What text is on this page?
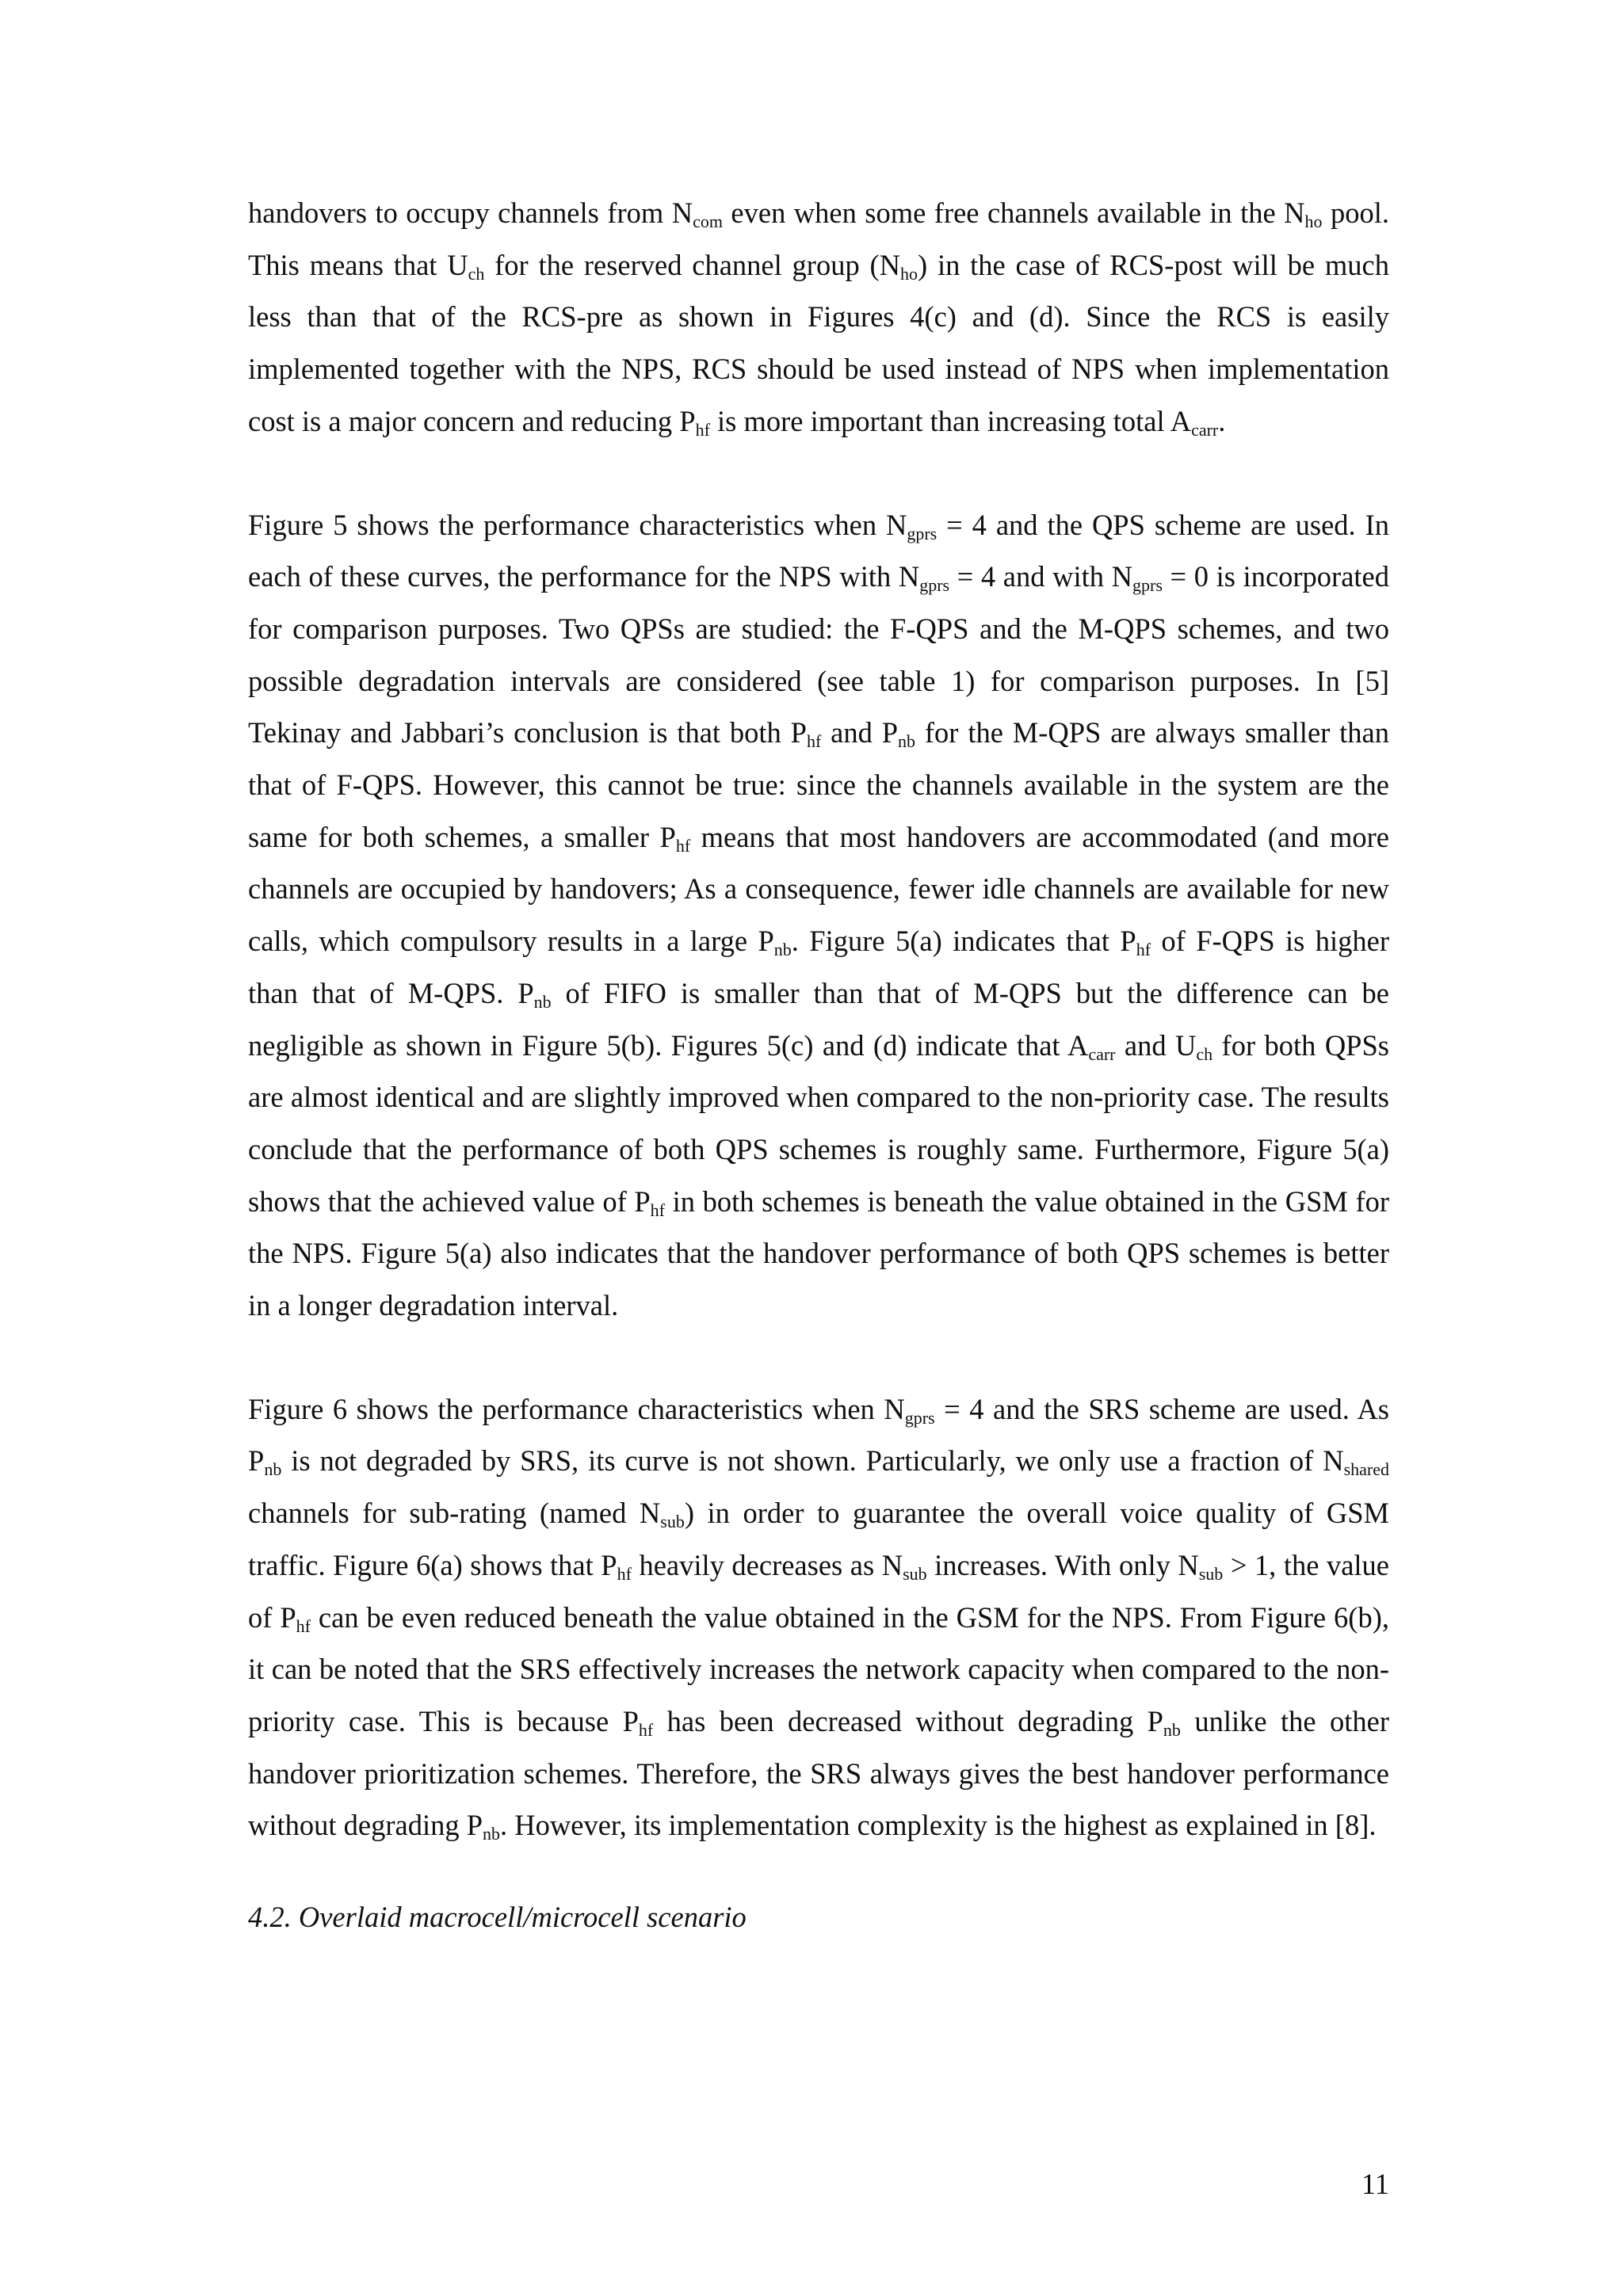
handovers to occupy channels from $N_{com}$ even when some free channels available in the $N_{ho}$ pool. This means that $U_{ch}$ for the reserved channel group $(N_{ho})$ in the case of RCS-post will be much less than that of the RCS-pre as shown in Figures 4(c) and (d). Since the RCS is easily implemented together with the NPS, RCS should be used instead of NPS when implementation cost is a major concern and reducing $P_{hf}$ is more important than increasing total $A_{carr}$.

Figure 5 shows the performance characteristics when $N_{gprs} = 4$ and the QPS scheme are used. In each of these curves, the performance for the NPS with $N_{gprs} = 4$ and with $N_{gprs} = 0$ is incorporated for comparison purposes. Two QPSs are studied: the F-QPS and the M-QPS schemes, and two possible degradation intervals are considered (see table 1) for comparison purposes. In [5] Tekinay and Jabbari’s conclusion is that both $P_{hf}$ and $P_{nb}$ for the M-QPS are always smaller than that of F-QPS. However, this cannot be true: since the channels available in the system are the same for both schemes, a smaller $P_{hf}$ means that most handovers are accommodated (and more channels are occupied by handovers; As a consequence, fewer idle channels are available for new calls, which compulsory results in a large $P_{nb}$. Figure 5(a) indicates that $P_{hf}$ of F-QPS is higher than that of M-QPS. $P_{nb}$ of FIFO is smaller than that of M-QPS but the difference can be negligible as shown in Figure 5(b). Figures 5(c) and (d) indicate that $A_{carr}$ and $U_{ch}$ for both QPSs are almost identical and are slightly improved when compared to the non-priority case. The results conclude that the performance of both QPS schemes is roughly same. Furthermore, Figure 5(a) shows that the achieved value of $P_{hf}$ in both schemes is beneath the value obtained in the GSM for the NPS. Figure 5(a) also indicates that the handover performance of both QPS schemes is better in a longer degradation interval.

Figure 6 shows the performance characteristics when $N_{gprs} = 4$ and the SRS scheme are used. As $P_{nb}$ is not degraded by SRS, its curve is not shown. Particularly, we only use a fraction of $N_{shared}$ channels for sub-rating (named $N_{sub}$) in order to guarantee the overall voice quality of GSM traffic. Figure 6(a) shows that $P_{hf}$ heavily decreases as $N_{sub}$ increases. With only $N_{sub} > 1$, the value of $P_{hf}$ can be even reduced beneath the value obtained in the GSM for the NPS. From Figure 6(b), it can be noted that the SRS effectively increases the network capacity when compared to the non-priority case. This is because $P_{hf}$ has been decreased without degrading $P_{nb}$ unlike the other handover prioritization schemes. Therefore, the SRS always gives the best handover performance without degrading $P_{nb}$. However, its implementation complexity is the highest as explained in [8].

4.2. Overlaid macrocell/microcell scenario
11
